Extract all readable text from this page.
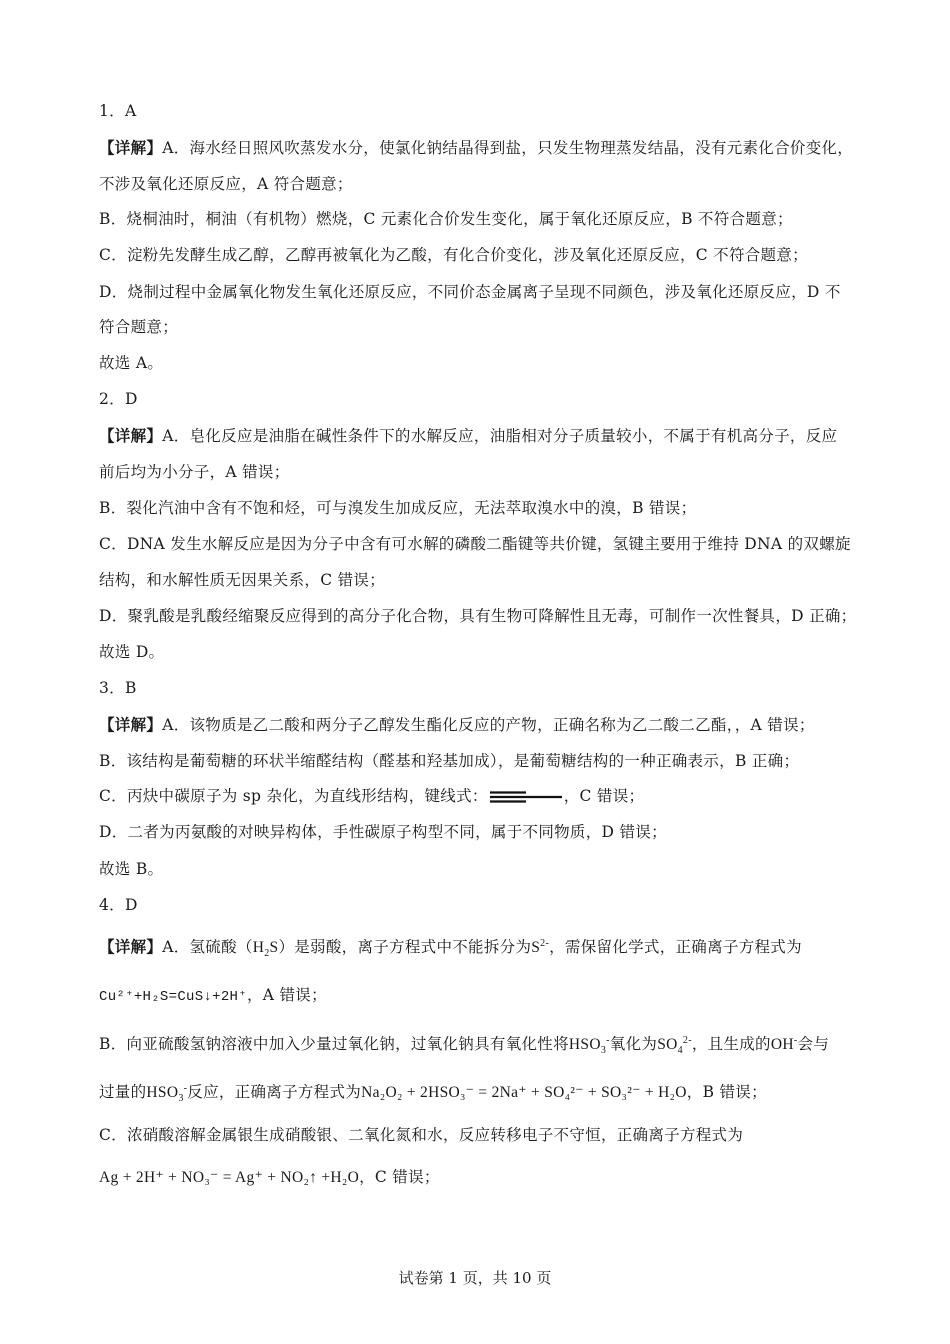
1．A
【详解】A．海水经日照风吹蒸发水分，使氯化钠结晶得到盐，只发生物理蒸发结晶，没有元素化合价变化，
不涉及氧化还原反应，A 符合题意；
B．烧桐油时，桐油（有机物）燃烧，C 元素化合价发生变化，属于氧化还原反应，B 不符合题意；
C．淀粉先发酵生成乙醇，乙醇再被氧化为乙酸，有化合价变化，涉及氧化还原反应，C 不符合题意；
D．烧制过程中金属氧化物发生氧化还原反应，不同价态金属离子呈现不同颜色，涉及氧化还原反应，D 不
符合题意；
故选 A。
2．D
【详解】A．皂化反应是油脂在碱性条件下的水解反应，油脂相对分子质量较小，不属于有机高分子，反应
前后均为小分子，A 错误；
B．裂化汽油中含有不饱和烃，可与溴发生加成反应，无法萃取溴水中的溴，B 错误；
C．DNA 发生水解反应是因为分子中含有可水解的磷酸二酯键等共价键，氢键主要用于维持 DNA 的双螺旋
结构，和水解性质无因果关系，C 错误；
D．聚乳酸是乳酸经缩聚反应得到的高分子化合物，具有生物可降解性且无毒，可制作一次性餐具，D 正确；
故选 D。
3．B
【详解】A．该物质是乙二酸和两分子乙醇发生酯化反应的产物，正确名称为乙二酸二乙酯，，A 错误；
B．该结构是葡萄糖的环状半缩醛结构（醛基和羟基加成），是葡萄糖结构的一种正确表示，B 正确；
C．丙炔中碳原子为 sp 杂化，为直线形结构，键线式：	，C 错误；
D．二者为丙氨酸的对映异构体，手性碳原子构型不同，属于不同物质，D 错误；
故选 B。
4．D
【详解】A．氢硫酸$(H_2S)$是弱酸，离子方程式中不能拆分为$S^{2-}$，需保留化学式，正确离子方程式为
Cu²⁺+H₂S=CuS↓+2H⁺，A 错误；
B．向亚硫酸氢钠溶液中加入少量过氧化钠，过氧化钠具有氧化性将$HSO_3^-$氧化为$SO_4^{2-}$，且生成的OH-会与
过量的$HSO_3^-$反应，正确离子方程式为Na₂O₂ + 2HSO₃⁻ = 2Na⁺ + SO₄²⁻ + SO₃²⁻ + H₂O，B 错误；
C．浓硝酸溶解金属银生成硝酸银、二氧化氮和水，反应转移电子不守恒，正确离子方程式为
Ag + 2H⁺ + NO₃⁻ = Ag⁺ + NO₂↑ +H₂O，C 错误；
试卷第 1 页，共 10 页
